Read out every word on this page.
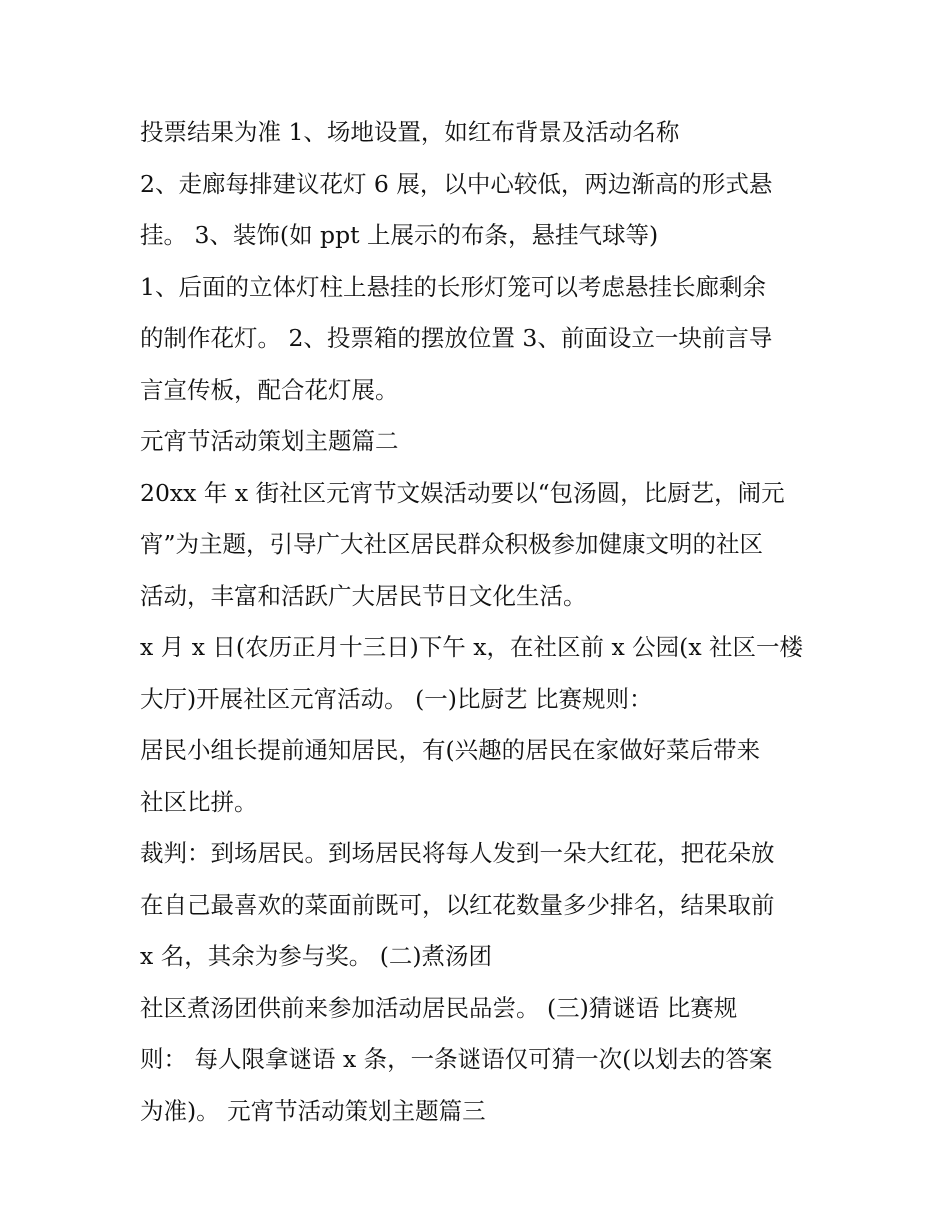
投票结果为准 1、场地设置，如红布背景及活动名称
2、走廊每排建议花灯 6 展，以中心较低，两边渐高的形式悬
挂。 3、装饰(如 ppt 上展示的布条，悬挂气球等)
1、后面的立体灯柱上悬挂的长形灯笼可以考虑悬挂长廊剩余
的制作花灯。 2、投票箱的摆放位置 3、前面设立一块前言导
言宣传板，配合花灯展。
元宵节活动策划主题篇二
20xx 年 x 街社区元宵节文娱活动要以“包汤圆，比厨艺，闹元
宵”为主题，引导广大社区居民群众积极参加健康文明的社区
活动，丰富和活跃广大居民节日文化生活。
x 月 x 日(农历正月十三日)下午 x，在社区前 x 公园(x 社区一楼
大厅)开展社区元宵活动。 (一)比厨艺 比赛规则：
居民小组长提前通知居民，有(兴趣的居民在家做好菜后带来
社区比拼。
裁判：到场居民。到场居民将每人发到一朵大红花，把花朵放
在自己最喜欢的菜面前既可，以红花数量多少排名，结果取前
x 名，其余为参与奖。 (二)煮汤团
社区煮汤团供前来参加活动居民品尝。 (三)猜谜语 比赛规
则： 每人限拿谜语 x 条，一条谜语仅可猜一次(以划去的答案
为准)。 元宵节活动策划主题篇三
